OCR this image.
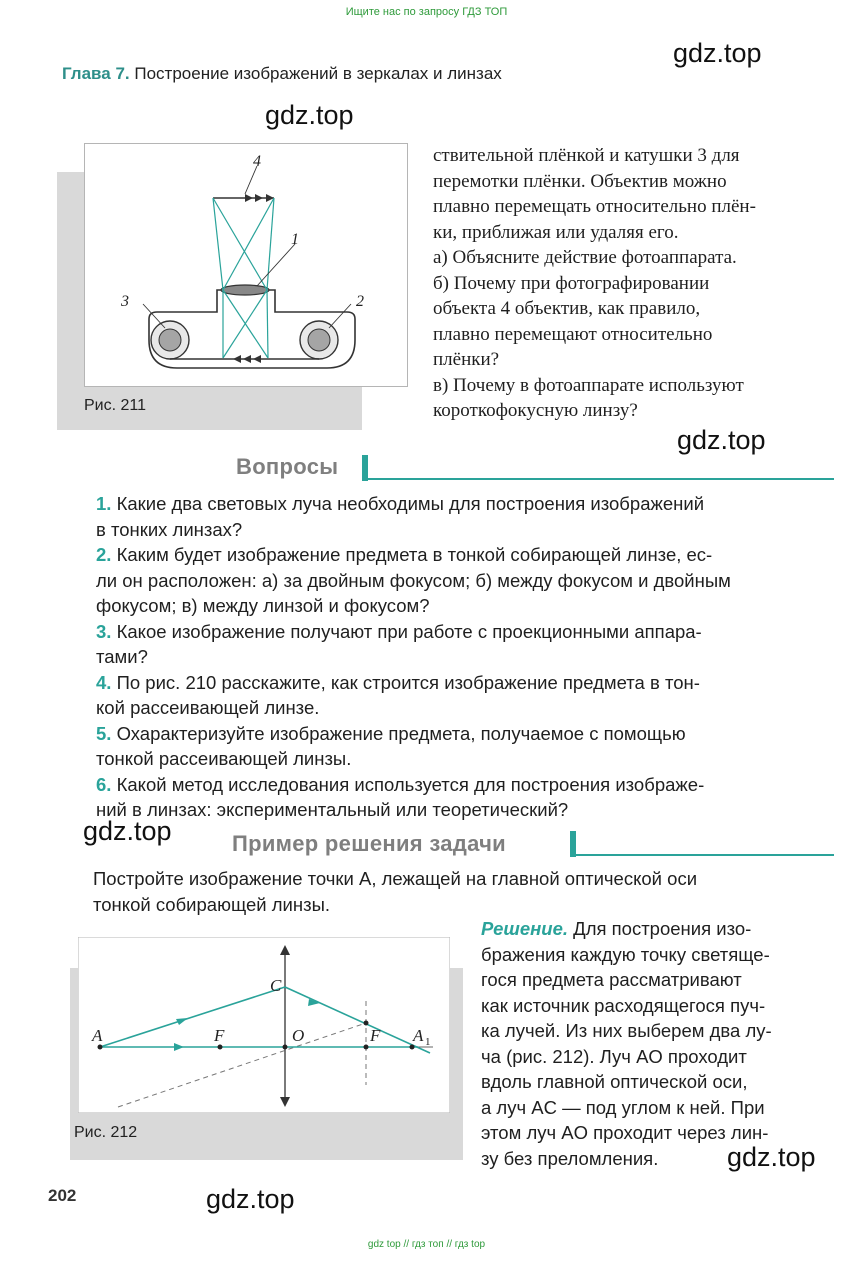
Ищите нас по запросу ГДЗ ТОП
gdz top // гдз топ // гдз top
Глава 7. Построение изображений в зеркалах и линзах
gdz.top
gdz.top
gdz.top
gdz.top
gdz.top
gdz.top
4
1
3	2
Рис. 211
ствительной плёнкой и катушки 3 для
перемотки плёнки. Объектив можно
плавно перемещать относительно плён-
ки, приближая или удаляя его.
а) Объясните действие фотоаппарата.
б) Почему при фотографировании
объекта 4 объектив, как правило,
плавно перемещают относительно
плёнки?
в) Почему в фотоаппарате используют
короткофокусную линзу?
Вопросы
1. Какие два световых луча необходимы для построения изображений
в тонких линзах?
2. Каким будет изображение предмета в тонкой собирающей линзе, ес-
ли он расположен: а) за двойным фокусом; б) между фокусом и двойным
фокусом; в) между линзой и фокусом?
3. Какое изображение получают при работе с проекционными аппара-
тами?
4. По рис. 210 расскажите, как строится изображение предмета в тон-
кой рассеивающей линзе.
5. Охарактеризуйте изображение предмета, получаемое с помощью
тонкой рассеивающей линзы.
6. Какой метод исследования используется для построения изображе-
ний в линзах: экспериментальный или теоретический?
Пример решения задачи
Постройте изображение точки A, лежащей на главной оптической оси
тонкой собирающей линзы.
A	F	O	F
C
A 1
Рис. 212
Решение. Для построения изо-
бражения каждую точку светяще-
гося предмета рассматривают
как источник расходящегося пуч-
ка лучей. Из них выберем два лу-
ча (рис. 212). Луч AO проходит
вдоль главной оптической оси,
а луч AC — под углом к ней. При
этом луч AO проходит через лин-
зу без преломления.
202
